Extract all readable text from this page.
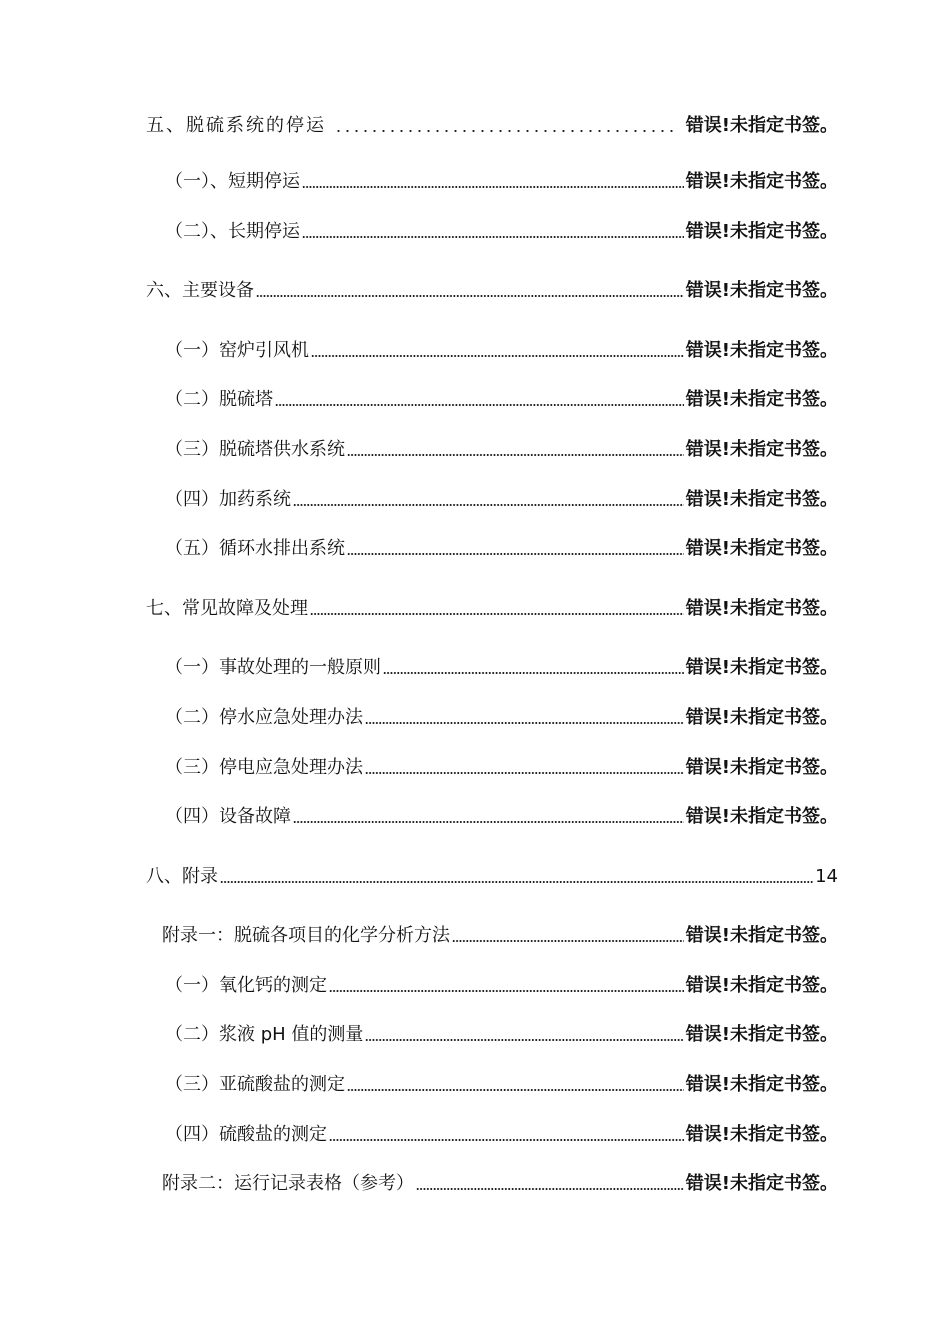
五、脱硫系统的停运	错误!未指定书签。
（一）、短期停运	错误!未指定书签。
（二）、长期停运	错误!未指定书签。
六、主要设备	错误!未指定书签。
（一）窑炉引风机	错误!未指定书签。
（二）脱硫塔	错误!未指定书签。
（三）脱硫塔供水系统	错误!未指定书签。
（四）加药系统	错误!未指定书签。
（五）循环水排出系统	错误!未指定书签。
七、常见故障及处理	错误!未指定书签。
（一）事故处理的一般原则	错误!未指定书签。
（二）停水应急处理办法	错误!未指定书签。
（三）停电应急处理办法	错误!未指定书签。
（四）设备故障	错误!未指定书签。
八、附录	14
附录一：脱硫各项目的化学分析方法	错误!未指定书签。
（一）氧化钙的测定	错误!未指定书签。
（二）浆液 pH 值的测量	错误!未指定书签。
（三）亚硫酸盐的测定	错误!未指定书签。
（四）硫酸盐的测定	错误!未指定书签。
附录二：运行记录表格（参考）	错误!未指定书签。
